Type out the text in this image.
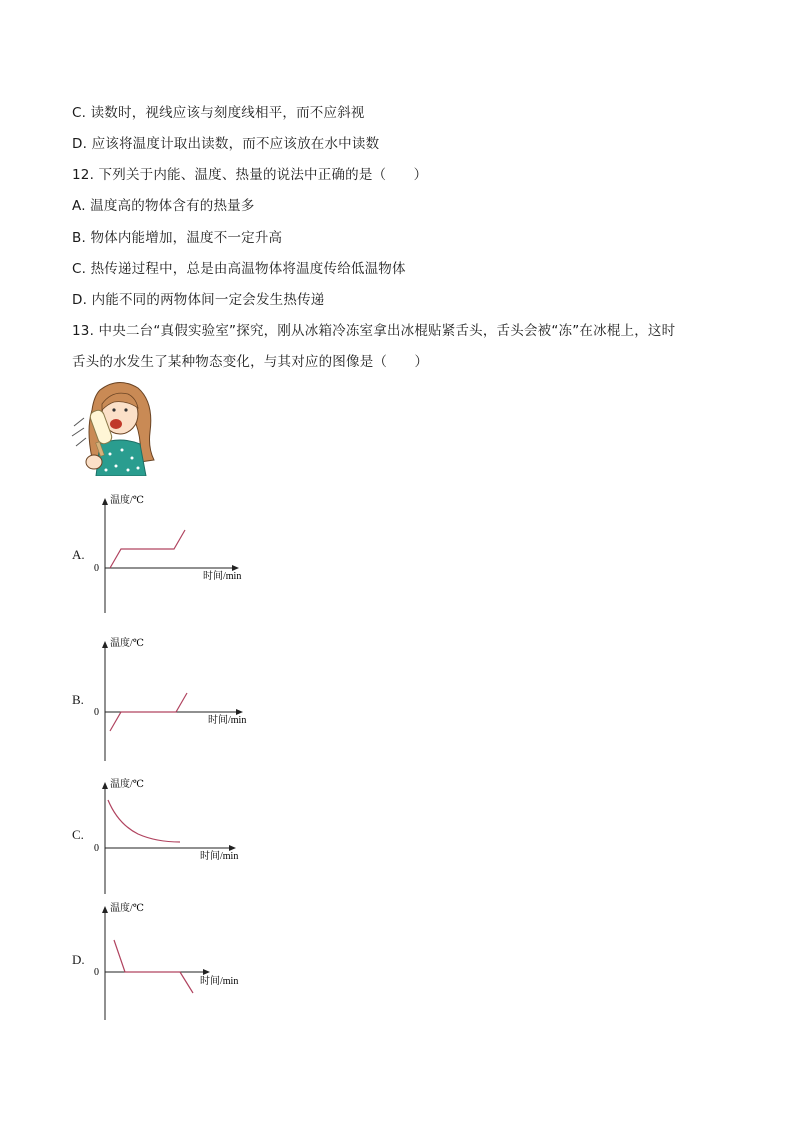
C. 读数时，视线应该与刻度线相平，而不应斜视
D. 应该将温度计取出读数，而不应该放在水中读数
12. 下列关于内能、温度、热量的说法中正确的是（　　）
A. 温度高的物体含有的热量多
B. 物体内能增加，温度不一定升高
C. 热传递过程中，总是由高温物体将温度传给低温物体
D. 内能不同的两物体间一定会发生热传递
13. 中央二台“真假实验室”探究，刚从冰箱冷冻室拿出冰棍贴紧舌头，舌头会被“冻”在冰棍上，这时
舌头的水发生了某种物态变化，与其对应的图像是（　　）
A.
温度/℃
时间/min
0
B.
温度/℃
时间/min
0
C.
温度/℃
时间/min
0
D.
温度/℃
时间/min
0
